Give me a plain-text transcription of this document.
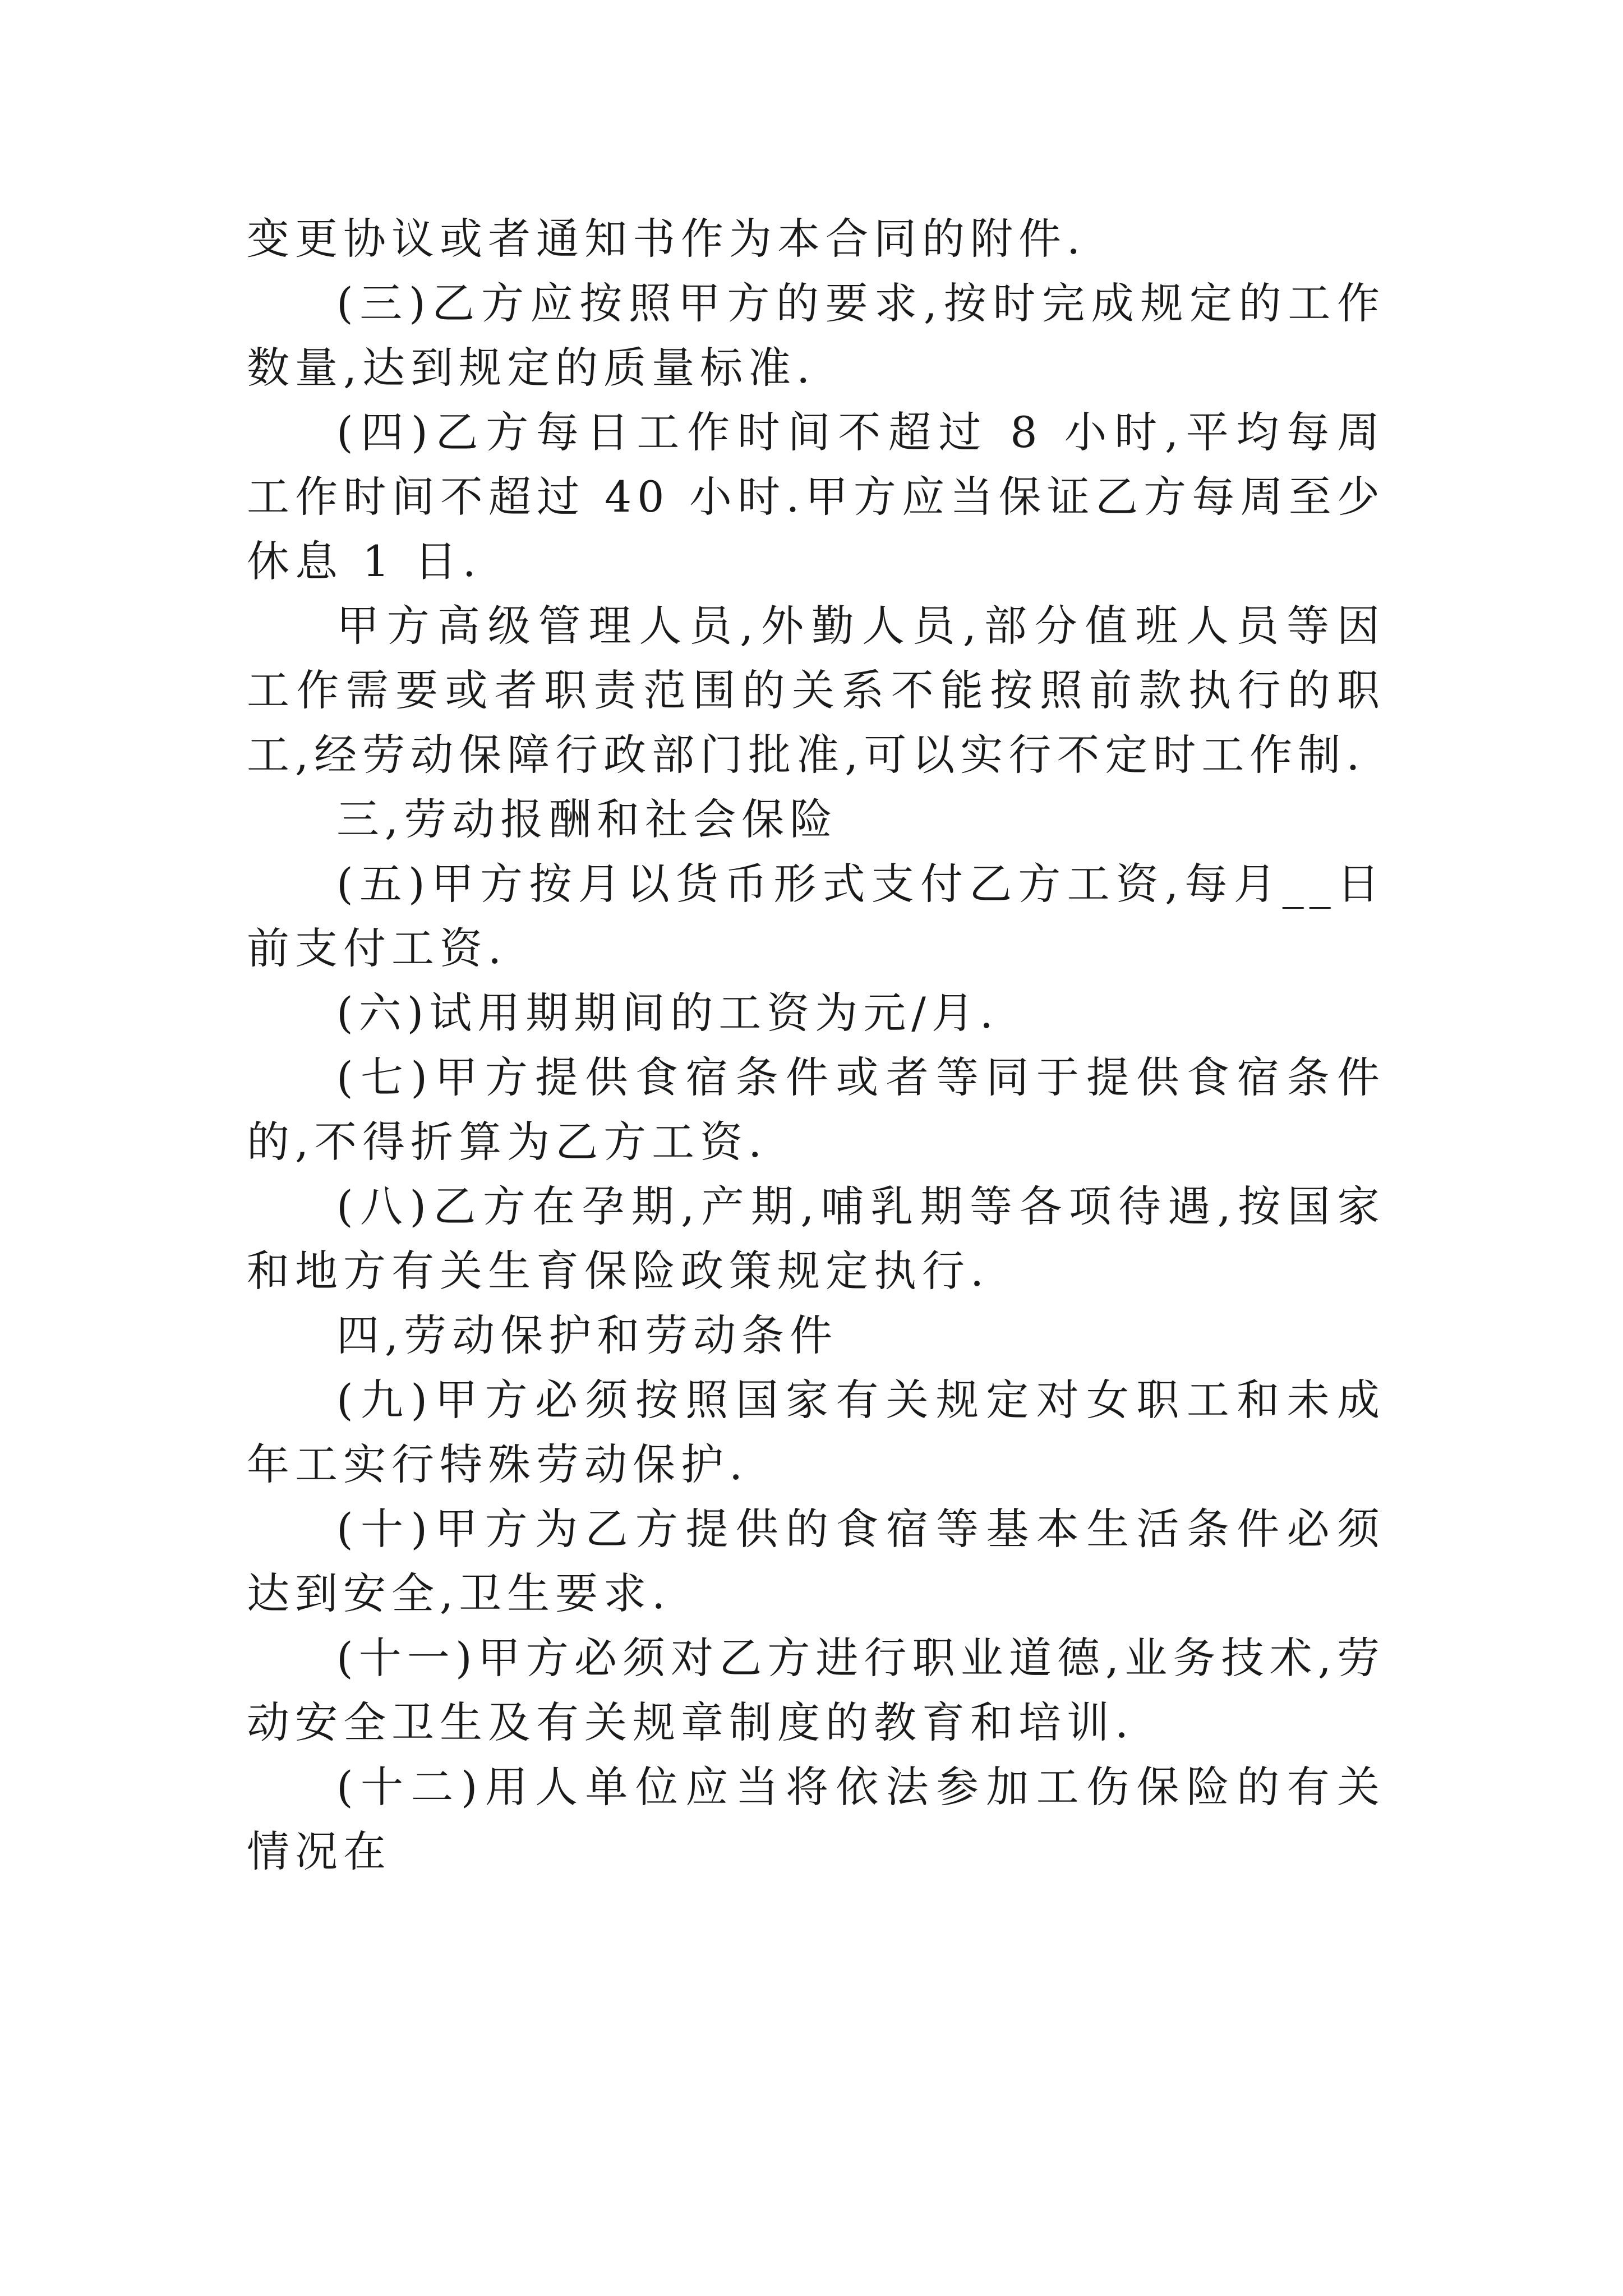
变更协议或者通知书作为本合同的附件.

(三)乙方应按照甲方的要求,按时完成规定的工作数量,达到规定的质量标准.

(四)乙方每日工作时间不超过 8 小时,平均每周工作时间不超过 40 小时.甲方应当保证乙方每周至少休息 1 日.

甲方高级管理人员,外勤人员,部分值班人员等因工作需要或者职责范围的关系不能按照前款执行的职工,经劳动保障行政部门批准,可以实行不定时工作制.

三,劳动报酬和社会保险

(五)甲方按月以货币形式支付乙方工资,每月__日前支付工资.

(六)试用期期间的工资为元/月.

(七)甲方提供食宿条件或者等同于提供食宿条件的,不得折算为乙方工资.

(八)乙方在孕期,产期,哺乳期等各项待遇,按国家和地方有关生育保险政策规定执行.

四,劳动保护和劳动条件

(九)甲方必须按照国家有关规定对女职工和未成年工实行特殊劳动保护.

(十)甲方为乙方提供的食宿等基本生活条件必须达到安全,卫生要求.

(十一)甲方必须对乙方进行职业道德,业务技术,劳动安全卫生及有关规章制度的教育和培训.

(十二)用人单位应当将依法参加工伤保险的有关情况在
